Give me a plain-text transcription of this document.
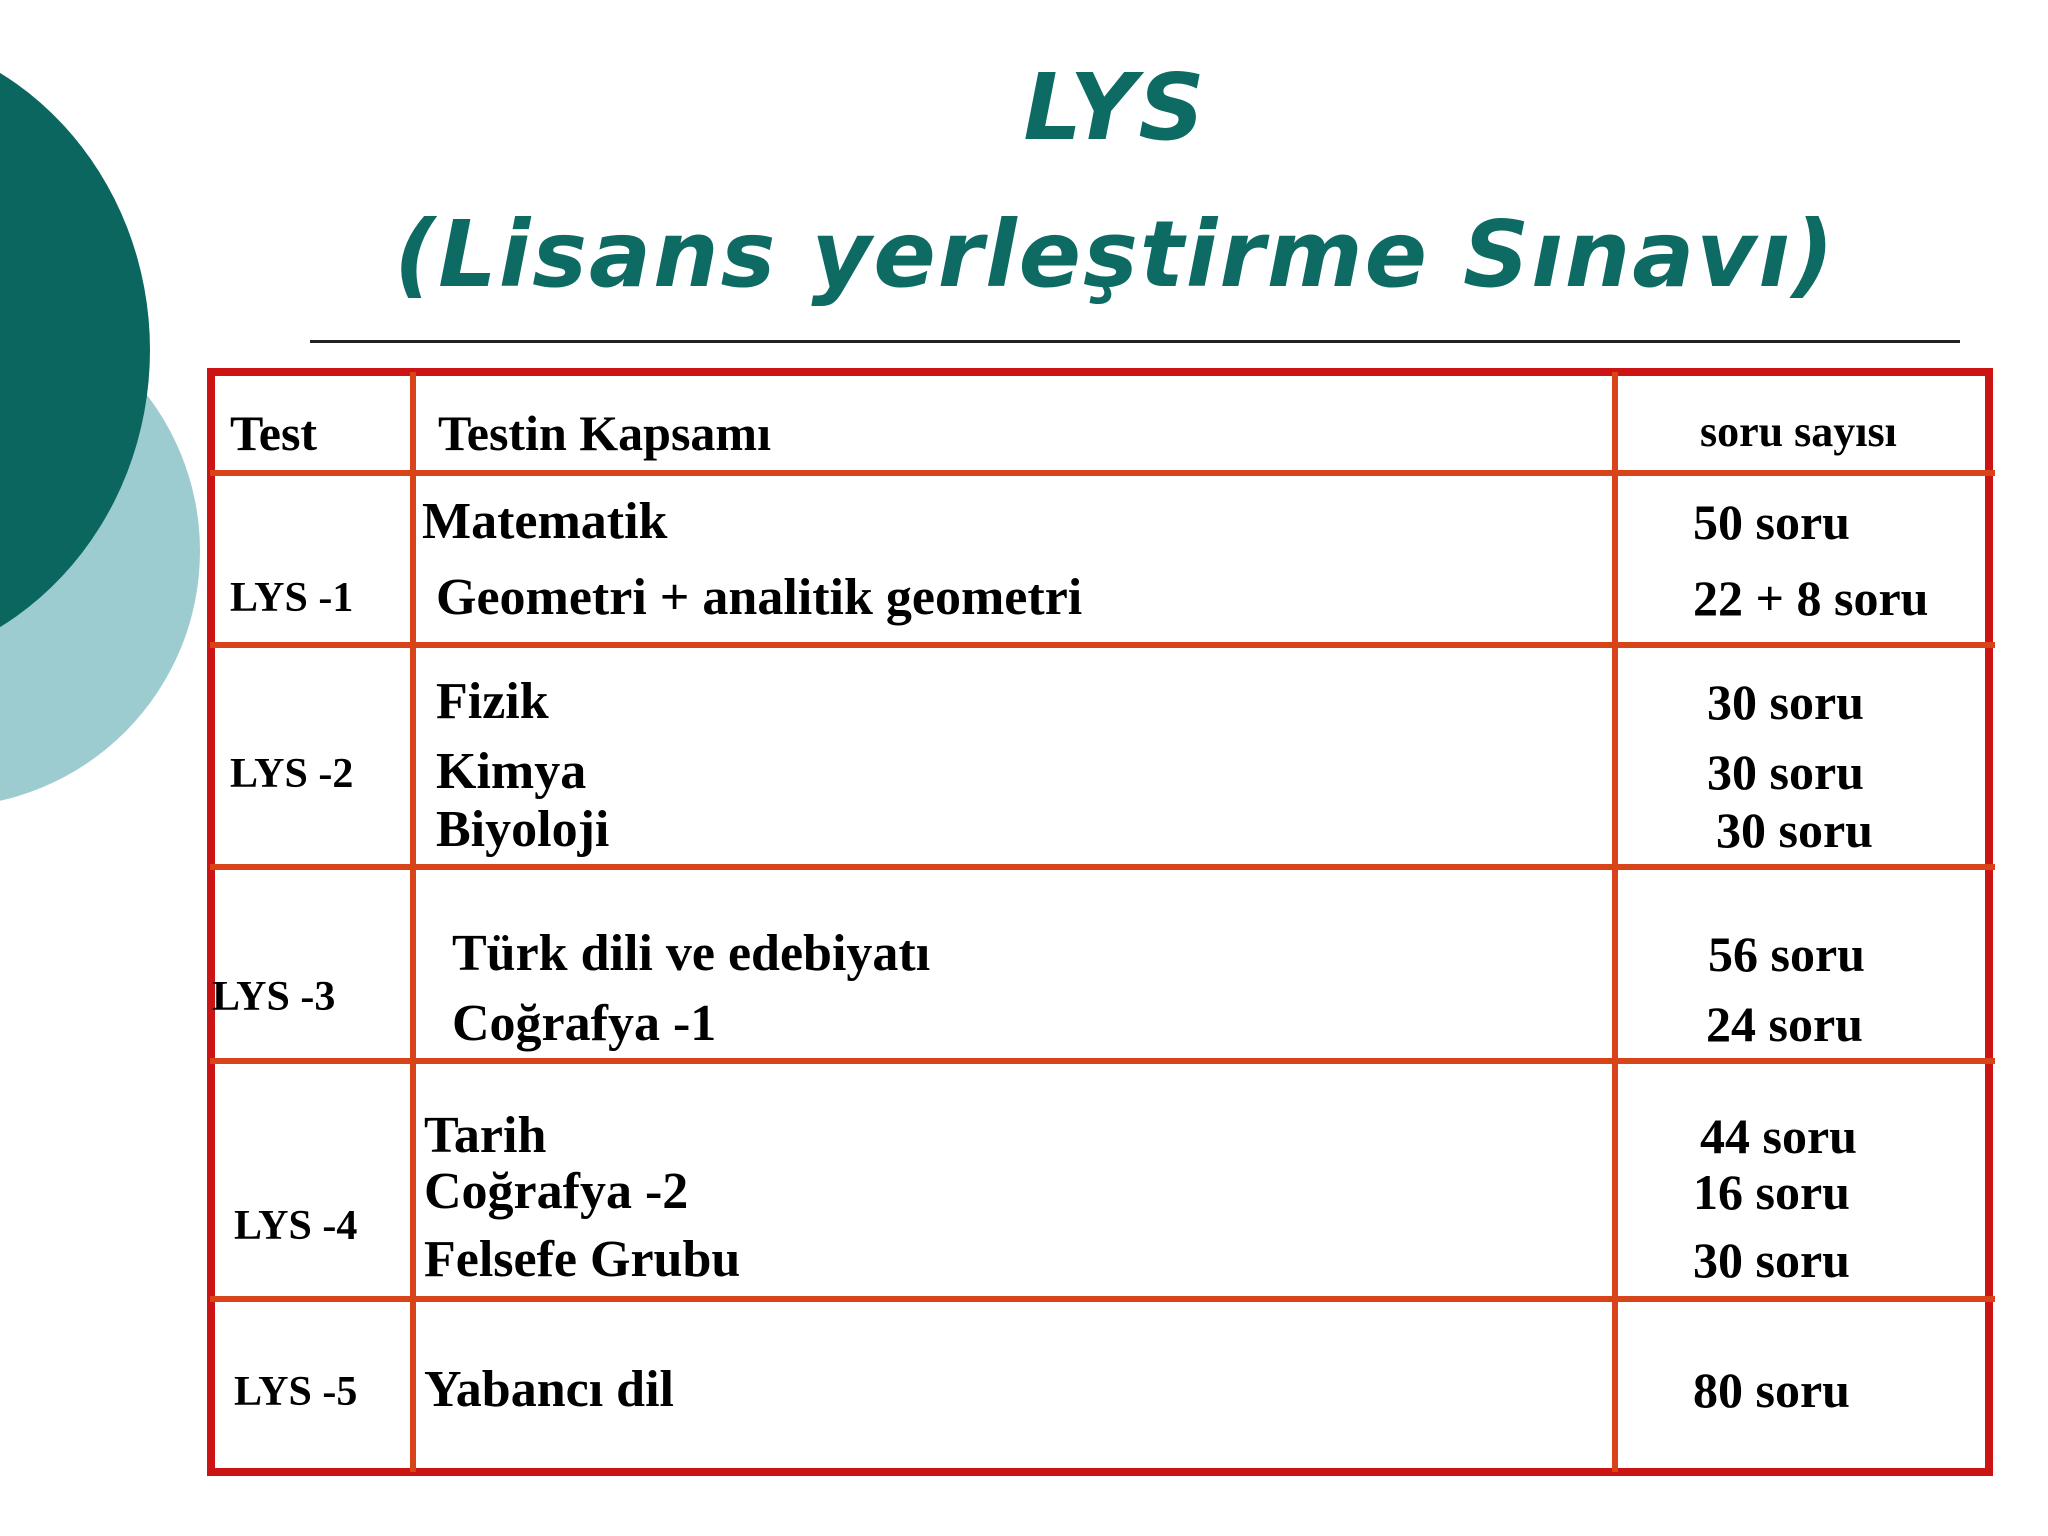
LYS
(Lisans yerleştirme Sınavı)
Test Testin Kapsamı	soru sayısı
LYS -1
Matematik
Geometri + analitik geometri
50 soru
22 + 8 soru
LYS -2
Fizik
Kimya
Biyoloji
30 soru
30 soru
30 soru
LYS -3
Türk dili ve edebiyatı
Coğrafya -1
56 soru
24 soru
LYS -4
Tarih
Coğrafya -2
Felsefe Grubu
44 soru
16 soru
30 soru
LYS -5 Yabancı dil	80 soru
